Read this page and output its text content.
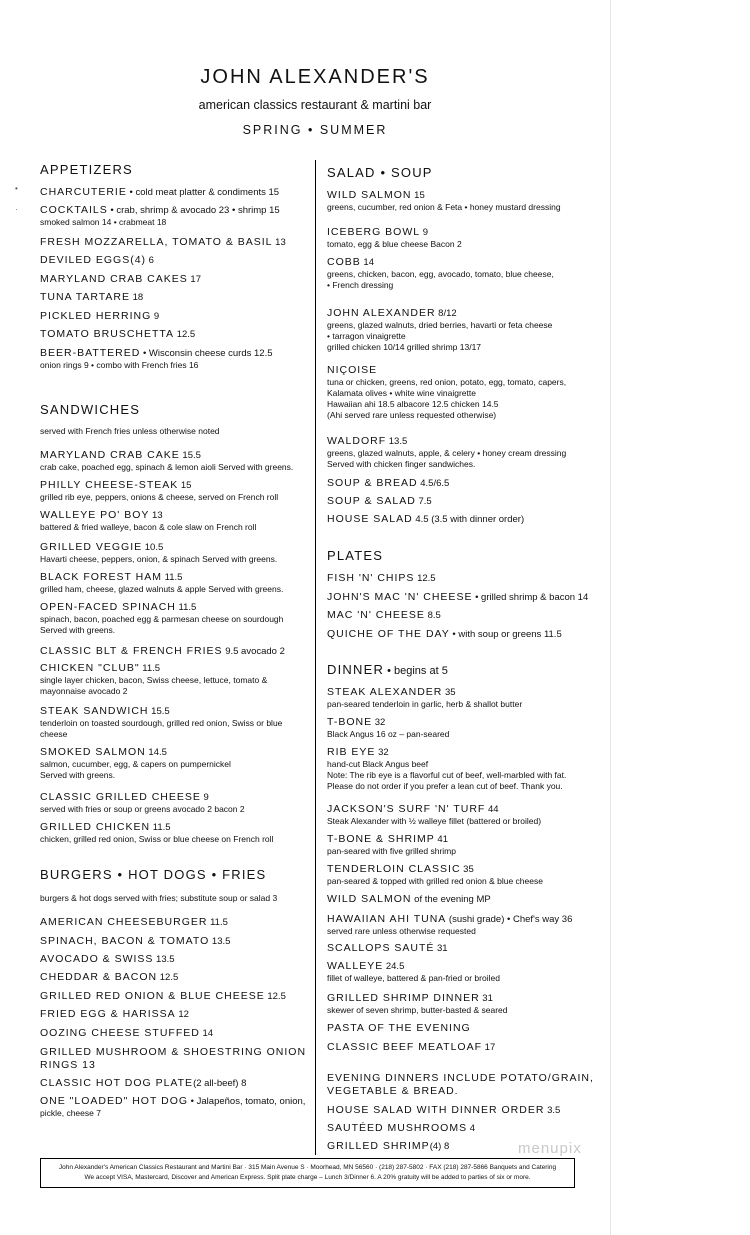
•
·
JOHN ALEXANDER'S
american classics restaurant & martini bar
SPRING • SUMMER
APPETIZERS
CHARCUTERIE • cold meat platter & condiments 15
COCKTAILS • crab, shrimp & avocado 23 • shrimp 15
smoked salmon 14 • crabmeat 18
FRESH MOZZARELLA, TOMATO & BASIL 13
DEVILED EGGS(4) 6
MARYLAND CRAB CAKES 17
TUNA TARTARE 18
PICKLED HERRING 9
TOMATO BRUSCHETTA 12.5
BEER-BATTERED • Wisconsin cheese curds 12.5
onion rings 9 • combo with French fries 16
SANDWICHES
served with French fries unless otherwise noted
MARYLAND CRAB CAKE 15.5
crab cake, poached egg, spinach & lemon aioli Served with greens.
PHILLY CHEESE-STEAK 15
grilled rib eye, peppers, onions & cheese, served on French roll
WALLEYE PO' BOY 13
battered & fried walleye, bacon & cole slaw on French roll
GRILLED VEGGIE 10.5
Havarti cheese, peppers, onion, & spinach Served with greens.
BLACK FOREST HAM 11.5
grilled ham, cheese, glazed walnuts & apple Served with greens.
OPEN-FACED SPINACH 11.5
spinach, bacon, poached egg & parmesan cheese on sourdough
Served with greens.
CLASSIC BLT & FRENCH FRIES 9.5 avocado 2
CHICKEN "CLUB" 11.5
single layer chicken, bacon, Swiss cheese, lettuce, tomato &
mayonnaise avocado 2
STEAK SANDWICH 15.5
tenderloin on toasted sourdough, grilled red onion, Swiss or blue
cheese
SMOKED SALMON 14.5
salmon, cucumber, egg, & capers on pumpernickel
Served with greens.
CLASSIC GRILLED CHEESE 9
served with fries or soup or greens avocado 2 bacon 2
GRILLED CHICKEN 11.5
chicken, grilled red onion, Swiss or blue cheese on French roll
BURGERS • HOT DOGS • FRIES
burgers & hot dogs served with fries; substitute soup or salad 3
AMERICAN CHEESEBURGER 11.5
SPINACH, BACON & TOMATO 13.5
AVOCADO & SWISS 13.5
CHEDDAR & BACON 12.5
GRILLED RED ONION & BLUE CHEESE 12.5
FRIED EGG & HARISSA 12
OOZING CHEESE STUFFED 14
GRILLED MUSHROOM & SHOESTRING ONION
RINGS 13
CLASSIC HOT DOG PLATE(2 all-beef) 8
ONE "LOADED" HOT DOG • Jalapeños, tomato, onion,
pickle, cheese 7
SALAD • SOUP
WILD SALMON 15
greens, cucumber, red onion & Feta • honey mustard dressing
ICEBERG BOWL 9
tomato, egg & blue cheese Bacon 2
COBB 14
greens, chicken, bacon, egg, avocado, tomato, blue cheese,
• French dressing
JOHN ALEXANDER 8/12
greens, glazed walnuts, dried berries, havarti or feta cheese
• tarragon vinaigrette
grilled chicken 10/14 grilled shrimp 13/17
NIÇOISE
tuna or chicken, greens, red onion, potato, egg, tomato, capers,
Kalamata olives • white wine vinaigrette
Hawaiian ahi 18.5 albacore 12.5 chicken 14.5
(Ahi served rare unless requested otherwise)
WALDORF 13.5
greens, glazed walnuts, apple, & celery • honey cream dressing
Served with chicken finger sandwiches.
SOUP & BREAD 4.5/6.5
SOUP & SALAD 7.5
HOUSE SALAD 4.5 (3.5 with dinner order)
PLATES
FISH 'N' CHIPS 12.5
JOHN'S MAC 'N' CHEESE • grilled shrimp & bacon 14
MAC 'N' CHEESE 8.5
QUICHE OF THE DAY • with soup or greens 11.5
DINNER • begins at 5
STEAK ALEXANDER 35
pan-seared tenderloin in garlic, herb & shallot butter
T-BONE 32
Black Angus 16 oz – pan-seared
RIB EYE 32
hand-cut Black Angus beef
Note: The rib eye is a flavorful cut of beef, well-marbled with fat.
Please do not order if you prefer a lean cut of beef. Thank you.
JACKSON'S SURF 'N' TURF 44
Steak Alexander with ½ walleye fillet (battered or broiled)
T-BONE & SHRIMP 41
pan-seared with five grilled shrimp
TENDERLOIN CLASSIC 35
pan-seared & topped with grilled red onion & blue cheese
WILD SALMON of the evening MP
HAWAIIAN AHI TUNA (sushi grade) • Chef's way 36
served rare unless otherwise requested
SCALLOPS SAUTÉ 31
WALLEYE 24.5
fillet of walleye, battered & pan-fried or broiled
GRILLED SHRIMP DINNER 31
skewer of seven shrimp, butter-basted & seared
PASTA OF THE EVENING
CLASSIC BEEF MEATLOAF 17
EVENING DINNERS INCLUDE POTATO/GRAIN,
VEGETABLE & BREAD.
HOUSE SALAD WITH DINNER ORDER 3.5
SAUTÉED MUSHROOMS 4
GRILLED SHRIMP(4) 8	menupix
John Alexander's American Classics Restaurant and Martini Bar · 315 Main Avenue S · Moorhead, MN 56560 · (218) 287-5802 · FAX (218) 287-5866 Banquets and Catering
We accept VISA, Mastercard, Discover and American Express. Split plate charge – Lunch 3/Dinner 6. A 20% gratuity will be added to parties of six or more.
